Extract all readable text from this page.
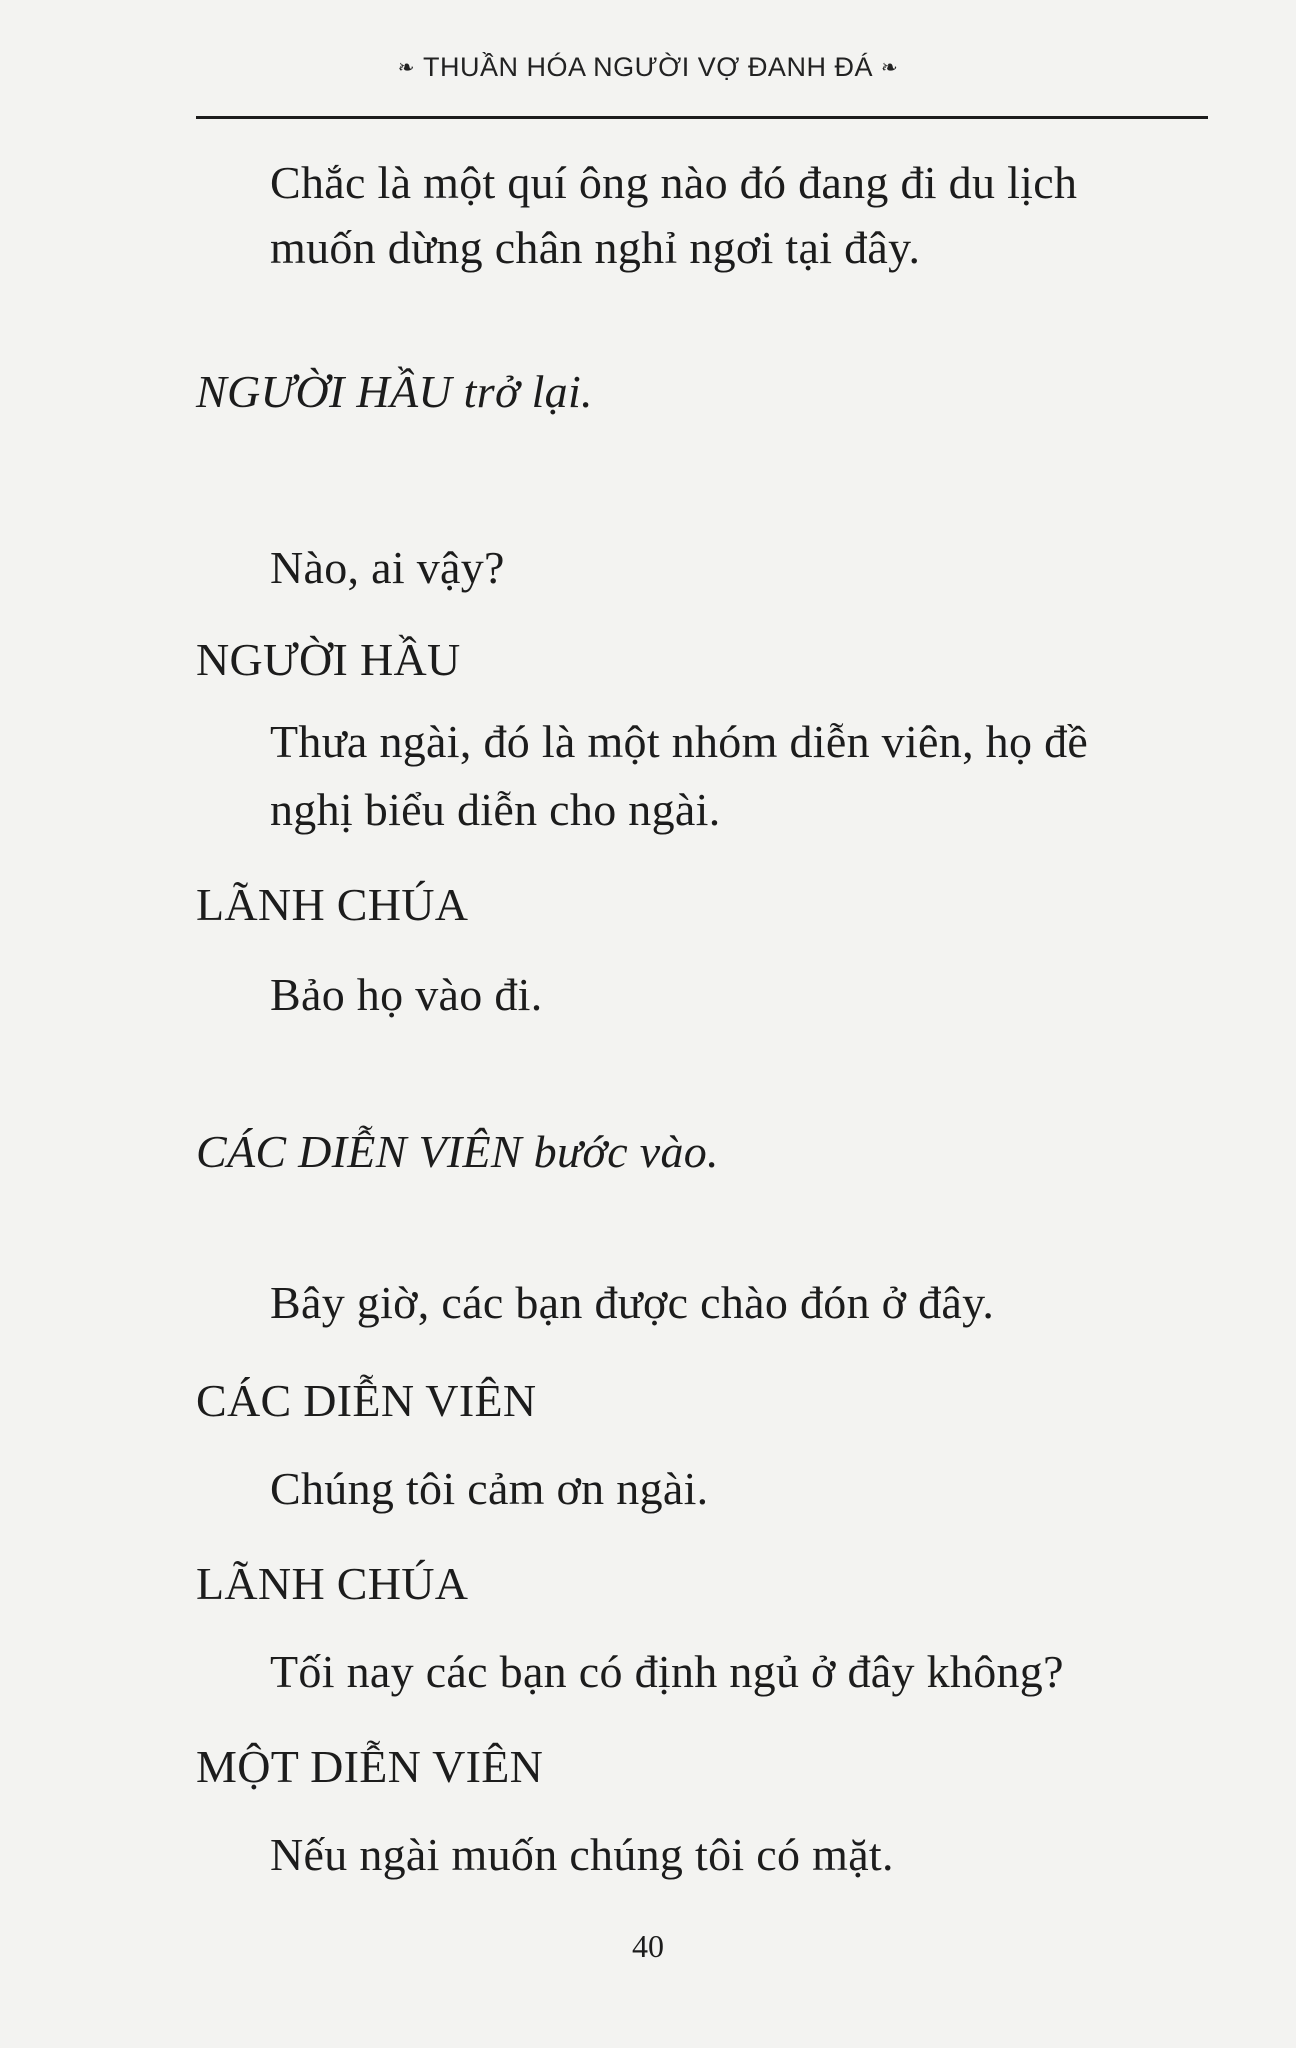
❧ THUẦN HÓA NGƯỜI VỢ ĐANH ĐÁ ❧
Chắc là một quí ông nào đó đang đi du lịch
muốn dừng chân nghỉ ngơi tại đây.
NGƯỜI HẦU trở lại.
Nào, ai vậy?
NGƯỜI HẦU
Thưa ngài, đó là một nhóm diễn viên, họ đề
nghị biểu diễn cho ngài.
LÃNH CHÚA
Bảo họ vào đi.
CÁC DIỄN VIÊN bước vào.
Bây giờ, các bạn được chào đón ở đây.
CÁC DIỄN VIÊN
Chúng tôi cảm ơn ngài.
LÃNH CHÚA
Tối nay các bạn có định ngủ ở đây không?
MỘT DIỄN VIÊN
Nếu ngài muốn chúng tôi có mặt.
40
